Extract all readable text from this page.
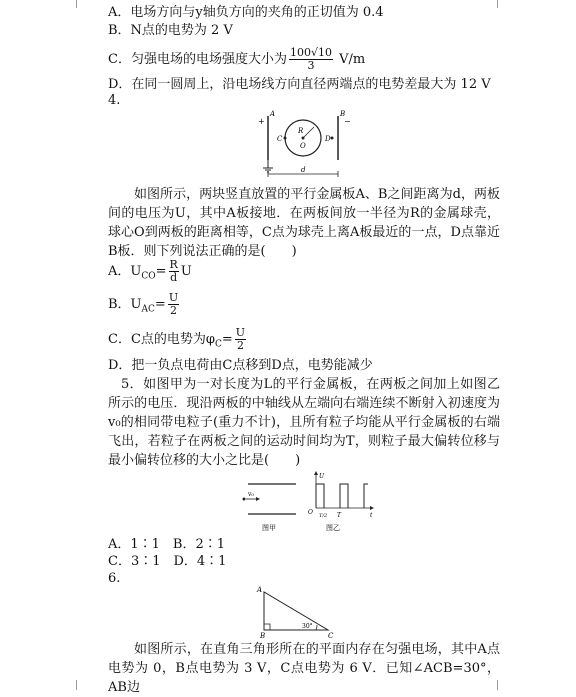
A．电场方向与y轴负方向的夹角的正切值为 0.4
B．N点的电势为 2 V
C．匀强电场的电场强度大小为 $\frac{100√10}{3} V/m$
D．在同一圆周上，沿电场线方向直径两端点的电势差最大为 12 V
4.
+	−
A	B
C	D
R
O
d
如图所示，两块竖直放置的平行金属板A、B之间距离为d，两板间的电压为U，其中A板接地．在两板间放一半径为R的金属球壳，球心O到两板的距离相等，C点为球壳上离A板最近的一点，D点靠近B板．则下列说法正确的是(　　)
A．$U_{CO}= \frac{R}{d}$ U
B．$U_{AC}= \frac{U}{2}$
C．C点的电势为$\varphi_C= \frac{U}{2}$
D．把一负点电荷由C点移到D点，电势能减少
5．如图甲为一对长度为L的平行金属板，在两板之间加上如图乙所示的电压．现沿两板的中轴线从左端向右端连续不断射入初速度为v₀的相同带电粒子(重力不计)，且所有粒子均能从平行金属板的右端飞出，若粒子在两板之间的运动时间均为T，则粒子最大偏转位移与最小偏转位移的大小之比是(　　)
v₀
图甲
U
O	t
T/2 T
图乙
A．1∶1　B．2∶1
C．3∶1　D．4∶1
6.
A
B	C
30°
如图所示，在直角三角形所在的平面内存在匀强电场，其中A点电势为 0，B点电势为 3 V，C点电势为 6 V．已知∠ACB=30°，AB边
